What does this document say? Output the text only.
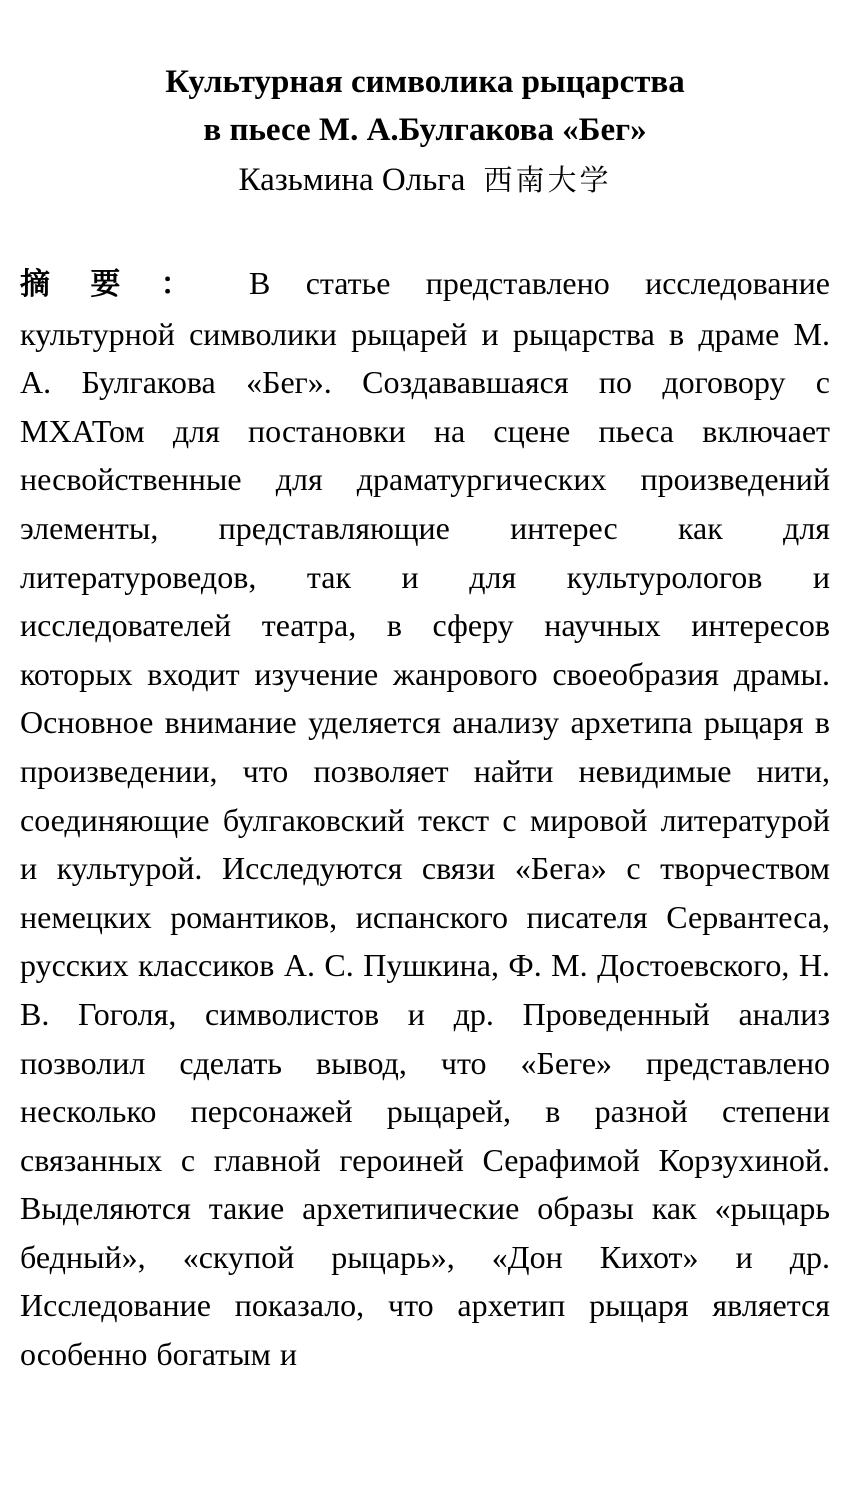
Культурная символика рыцарства
в пьесе М. А.Булгакова «Бег»
Казьмина Ольга 西南大学

摘要： В статье представлено исследование культурной символики рыцарей и рыцарства в драме М. А. Булгакова «Бег». Создававшаяся по договору с МХАТом для постановки на сцене пьеса включает несвойственные для драматургических произведений элементы, представляющие интерес как для литературоведов, так и для культурологов и исследователей театра, в сферу научных интересов которых входит изучение жанрового своеобразия драмы. Основное внимание уделяется анализу архетипа рыцаря в произведении, что позволяет найти невидимые нити, соединяющие булгаковский текст с мировой литературой и культурой. Исследуются связи «Бега» с творчеством немецких романтиков, испанского писателя Сервантеса, русских классиков А. С. Пушкина, Ф. М. Достоевского, Н. В. Гоголя, символистов и др. Проведенный анализ позволил сделать вывод, что «Беге» представлено несколько персонажей рыцарей, в разной степени связанных с главной героиней Серафимой Корзухиной. Выделяются такие архетипические образы как «рыцарь бедный», «скупой рыцарь», «Дон Кихот» и др. Исследование показало, что архетип рыцаря является особенно богатым и
